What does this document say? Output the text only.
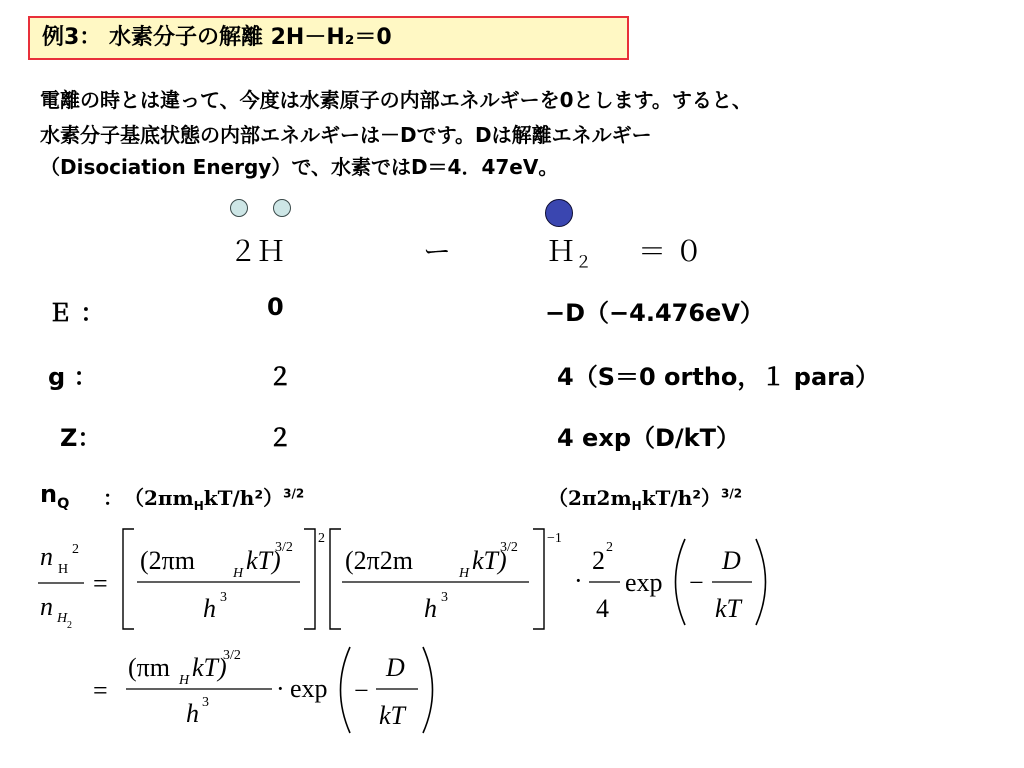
例3： 水素分子の解離 2H－H₂＝0
電離の時とは違って、今度は水素原子の内部エネルギーを0とします。すると、
水素分子基底状態の内部エネルギーは－Dです。Dは解離エネルギー
（Disociation Energy）で、水素ではD＝4．47eV。
２Ｈ	ー	Ｈ$_2$ ＝ ０
Ｅ ：	0	−D（−4.476eV）
g ：	２	4（S＝0 ortho，１ para）
Z：	２	4 exp（D/kT）
$n_Q$ ： $(2\pi m_HkT/h^2)^{3/2}$	$(2\pi 2m_HkT/h^2)^{3/2}$
n H
2
n H 2
=
2
(2πm	H kT)
3/2
h 3
−1
(2π2m	H kT)
3/2
h 3
·
2 2
4
exp −
D
kT
=
(πm H kT)
3/2
h 3	· exp −
D
kT
